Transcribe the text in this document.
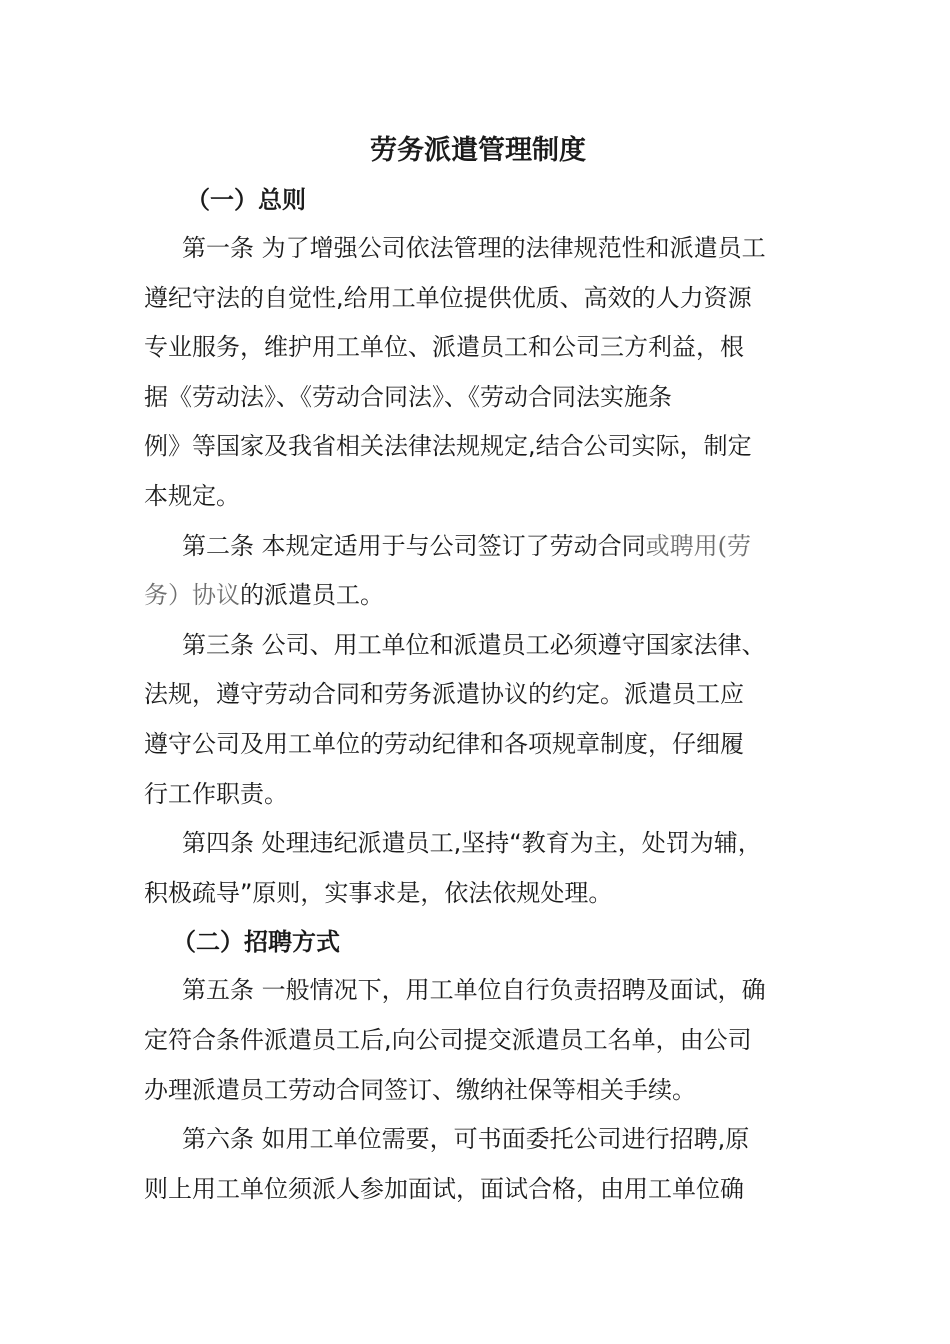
劳务派遣管理制度
（一）总则

第一条 为了增强公司依法管理的法律规范性和派遣员工
遵纪守法的自觉性,给用工单位提供优质、高效的人力资源
专业服务，维护用工单位、派遣员工和公司三方利益，根
据《劳动法》、《劳动合同法》、《劳动合同法实施条
例》等国家及我省相关法律法规规定,结合公司实际，制定
本规定。

第二条 本规定适用于与公司签订了劳动合同或聘用(劳
务）协议的派遣员工。

第三条 公司、用工单位和派遣员工必须遵守国家法律、
法规，遵守劳动合同和劳务派遣协议的约定。派遣员工应
遵守公司及用工单位的劳动纪律和各项规章制度，仔细履
行工作职责。

第四条 处理违纪派遣员工,坚持“教育为主，处罚为辅，
积极疏导”原则，实事求是，依法依规处理。

（二）招聘方式

第五条 一般情况下，用工单位自行负责招聘及面试，确
定符合条件派遣员工后,向公司提交派遣员工名单，由公司
办理派遣员工劳动合同签订、缴纳社保等相关手续。

第六条 如用工单位需要，可书面委托公司进行招聘,原
则上用工单位须派人参加面试，面试合格，由用工单位确
